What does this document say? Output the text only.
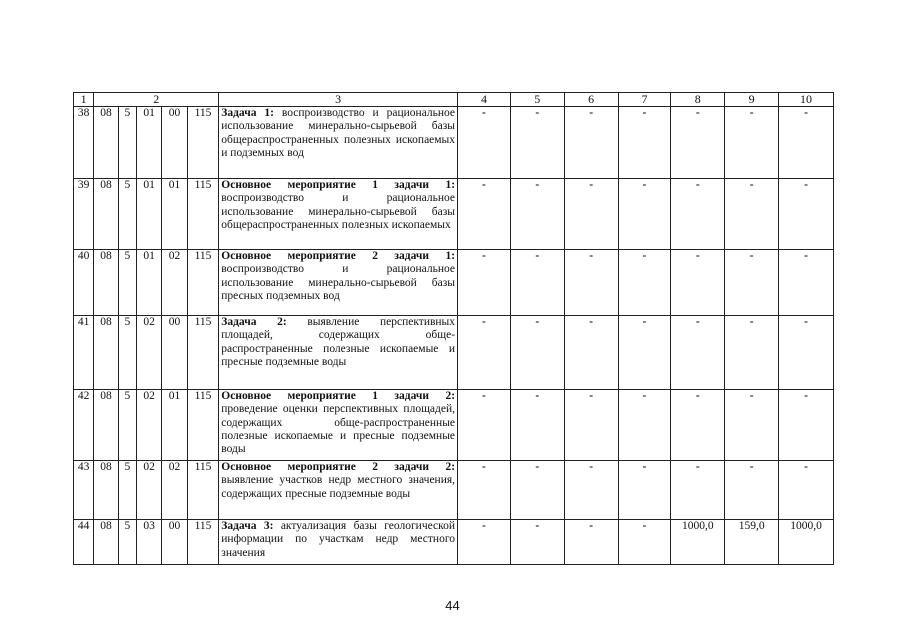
1	2					3	4	5	6	7	8	9	10
38	08	5	01	00	115	Задача 1: воспроизводство и рациональное использование минерально-сырьевой базы общераспространенных полезных ископаемых и подземных вод	-	-	-	-	-	-	-
39	08	5	01	01	115	Основное мероприятие 1 задачи 1: воспроизводство и рациональное использование минерально-сырьевой базы общераспространенных полезных ископаемых	-	-	-	-	-	-	-
40	08	5	01	02	115	Основное мероприятие 2 задачи 1: воспроизводство и рациональное использование минерально-сырьевой базы пресных подземных вод	-	-	-	-	-	-	-
41	08	5	02	00	115	Задача 2: выявление перспективных площадей, содержащих обще-распространенные полезные ископаемые и пресные подземные воды	-	-	-	-	-	-	-
42	08	5	02	01	115	Основное мероприятие 1 задачи 2: проведение оценки перспективных площадей, содержащих обще-распространенные полезные ископаемые и пресные подземные воды	-	-	-	-	-	-	-
43	08	5	02	02	115	Основное мероприятие 2 задачи 2: выявление участков недр местного значения, содержащих пресные подземные воды	-	-	-	-	-	-	-
44	08	5	03	00	115	Задача 3: актуализация базы геологической информации по участкам недр местного значения	-	-	-	-	1000,0	159,0	1000,0
44
